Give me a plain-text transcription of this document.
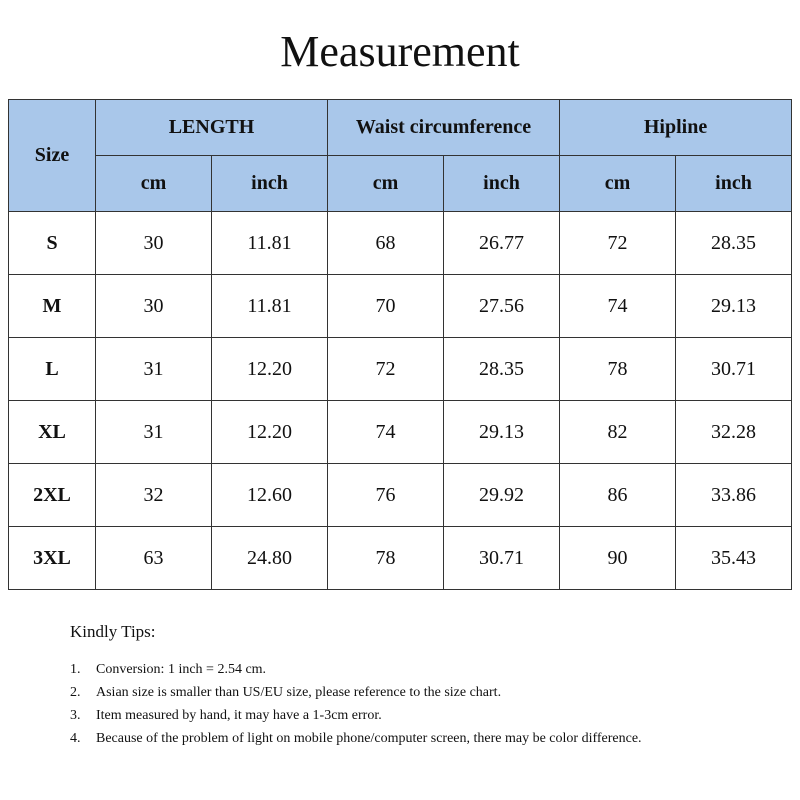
Measurement
Size	LENGTH		Waist circumference		Hipline	
	cm	inch	cm	inch	cm	inch
S	30	11.81	68	26.77	72	28.35
M	30	11.81	70	27.56	74	29.13
L	31	12.20	72	28.35	78	30.71
XL	31	12.20	74	29.13	82	32.28
2XL	32	12.60	76	29.92	86	33.86
3XL	63	24.80	78	30.71	90	35.43
Kindly Tips:
1. Conversion: 1 inch = 2.54 cm.
2. Asian size is smaller than US/EU size, please reference to the size chart.
3. Item measured by hand, it may have a 1-3cm error.
4. Because of the problem of light on mobile phone/computer screen, there may be color difference.
